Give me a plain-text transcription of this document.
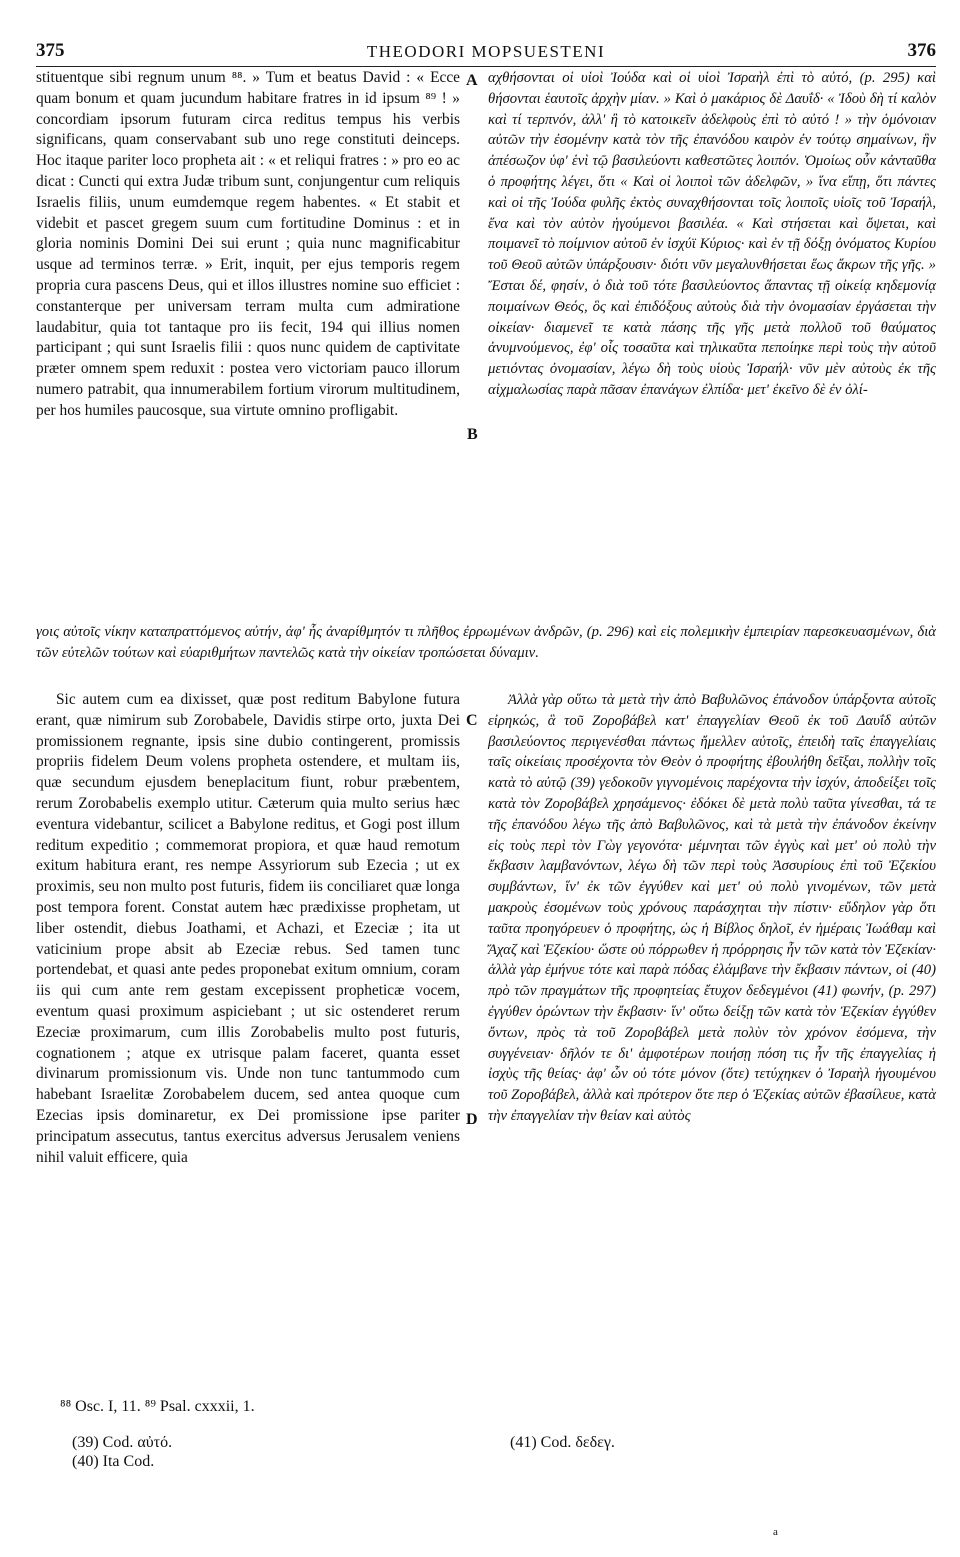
375	THEODORI MOPSUESTENI	376

stituentque sibi regnum unum ⁸⁸. » Tum et beatus David : « Ecce quam bonum et quam jucundum habitare fratres in id ipsum ⁸⁹ ! » concordiam ipsorum futuram circa reditus tempus his verbis significans, quam conservabant sub uno rege constituti deinceps. Hoc itaque pariter loco propheta ait : « et reliqui fratres : » pro eo ac dicat : Cuncti qui extra Judæ tribum sunt, conjungentur cum reliquis Israelis filiis, unum eumdemque regem habentes. « Et stabit et videbit et pascet gregem suum cum fortitudine Dominus : et in gloria nominis Domini Dei sui erunt ; quia nunc magnificabitur usque ad terminos terræ. » Erit, inquit, per ejus temporis regem propria cura pascens Deus, qui et illos illustres nomine suo efficiet : constanterque per universam terram multa cum admiratione laudabitur, quia tot tantaque pro iis fecit, 194 qui illius nomen participant ; qui sunt Israelis filii : quos nunc quidem de captivitate præter omnem spem reduxit : postea vero victoriam pauco illorum numero patrabit, qua innumerabilem fortium virorum multitudinem, per hos humiles paucosque, sua virtute omnino profligabit.

A αχθήσονται οἱ υἱοὶ Ἰούδα καὶ οἱ υἱοὶ Ἰσραὴλ ἐπὶ τὸ αὐτό, (p. 295) καὶ θήσονται ἑαυτοῖς ἀρχὴν μίαν. » Καὶ ὁ μακάριος δὲ Δαυΐδ· « Ἰδοὺ δὴ τί καλὸν καὶ τί τερπνόν, ἀλλ' ἢ τὸ κατοικεῖν ἀδελφοὺς ἐπὶ τὸ αὐτό ! » τὴν ὁμόνοιαν αὐτῶν τὴν ἐσομένην κατὰ τὸν τῆς ἐπανόδου καιρὸν ἐν τούτῳ σημαίνων, ἣν ἀπέσωζον ὑφ' ἑνὶ τῷ βασιλεύοντι καθεστῶτες λοιπόν. Ὁμοίως οὖν κἀνταῦθα ὁ προφήτης λέγει, ὅτι « Καὶ οἱ λοιποὶ τῶν ἀδελφῶν, » ἵνα εἴπῃ, ὅτι πάντες καὶ οἱ τῆς Ἰούδα φυλῆς ἐκτὸς συναχθήσονται τοῖς λοιποῖς υἱοῖς τοῦ Ἰσραήλ, ἕνα καὶ τὸν αὐτὸν ἡγούμενοι βασιλέα. « Καὶ στήσεται καὶ ὄψεται, καὶ ποιμανεῖ τὸ ποίμνιον αὐτοῦ ἐν ἰσχύϊ Κύριος· καὶ ἐν τῇ δόξῃ ὀνόματος Κυρίου τοῦ Θεοῦ αὐτῶν ὑπάρξουσιν· διότι νῦν μεγαλυνθήσεται ἕως ἄκρων τῆς γῆς. » Ἔσται δέ, φησίν, ὁ διὰ τοῦ τότε βασιλεύοντος ἅπαντας τῇ οἰκείᾳ κηδεμονίᾳ ποιμαίνων Θεός, ὃς καὶ ἐπιδόξους αὐτοὺς διὰ τὴν ὀνομασίαν ἐργάσεται τὴν οἰκείαν· διαμενεῖ τε κατὰ πάσης τῆς γῆς μετὰ πολλοῦ τοῦ θαύματος ἀνυμνούμενος, ἐφ' οἷς τοσαῦτα καὶ τηλικαῦτα πεποίηκε περὶ τοὺς τὴν αὐτοῦ μετιόντας ὀνομασίαν, λέγω δὴ τοὺς υἱοὺς Ἰσραήλ· νῦν μὲν αὐτοὺς ἐκ τῆς αἰχμαλωσίας παρὰ πᾶσαν ἐπανάγων ἐλπίδα· μετ' ἐκεῖνο δὲ ἐν ὀλί-

B
γοις αὐτοῖς νίκην καταπραττόμενος αὐτήν, ἀφ' ἧς ἀναρίθμητόν τι πλῆθος ἐρρωμένων ἀνδρῶν, (p. 296) καὶ εἰς πολεμικὴν ἐμπειρίαν παρεσκευασμένων, διὰ τῶν εὐτελῶν τούτων καὶ εὐαριθμήτων παντελῶς κατὰ τὴν οἰκείαν τροπώσεται δύναμιν.

Sic autem cum ea dixisset, quæ post reditum Babylone futura erant, quæ nimirum sub Zorobabele, Davidis stirpe orto, juxta Dei promissionem regnante, ipsis sine dubio contingerent, promissis propriis fidelem Deum volens propheta ostendere, et multam iis, quæ secundum ejusdem beneplacitum fiunt, robur præbentem, rerum Zorobabelis exemplo utitur. Cæterum quia multo serius hæc eventura videbantur, scilicet a Babylone reditus, et Gogi post illum reditum expeditio ; commemorat propiora, et quæ haud remotum exitum habitura erant, res nempe Assyriorum sub Ezecia ; ut ex proximis, seu non multo post futuris, fidem iis conciliaret quæ longa post tempora forent. Constat autem hæc prædixisse prophetam, ut liber ostendit, diebus Joathami, et Achazi, et Ezeciæ ; ita ut vaticinium prope absit ab Ezeciæ rebus. Sed tamen tunc portendebat, et quasi ante pedes proponebat exitum omnium, coram iis qui cum ante rem gestam excepissent propheticæ vocem, eventum quasi proximum aspiciebant ; ut sic ostenderet rerum Ezeciæ proximarum, cum illis Zorobabelis multo post futuris, cognationem ; atque ex utrisque palam faceret, quanta esset divinarum promissionum vis. Unde non tunc tantummodo cum habebant Israelitæ Zorobabelem ducem, sed antea quoque cum Ezecias ipsis dominaretur, ex Dei promissione ipse pariter principatum assecutus, tantus exercitus adversus Jerusalem veniens nihil valuit efficere, quia

C

Ἀλλὰ γὰρ οὕτω τὰ μετὰ τὴν ἀπὸ Βαβυλῶνος ἐπάνοδον ὑπάρξοντα αὐτοῖς εἰρηκώς, ἃ τοῦ Ζοροβάβελ κατ' ἐπαγγελίαν Θεοῦ ἐκ τοῦ Δαυΐδ αὐτῶν βασιλεύοντος περιγενέσθαι πάντως ἤμελλεν αὐτοῖς, ἐπειδὴ ταῖς ἐπαγγελίαις ταῖς οἰκείαις προσέχοντα τὸν Θεὸν ὁ προφήτης ἐβουλήθη δεῖξαι, πολλὴν τοῖς κατὰ τὸ αὐτῷ (39) γεδοκοῦν γιγνομένοις παρέχοντα τὴν ἰσχύν, ἀποδείξει τοῖς κατὰ τὸν Ζοροβάβελ χρησάμενος· ἐδόκει δὲ μετὰ πολὺ ταῦτα γίνεσθαι, τά τε τῆς ἐπανόδου λέγω τῆς ἀπὸ Βαβυλῶνος, καὶ τὰ μετὰ τὴν ἐπάνοδον ἐκείνην εἰς τοὺς περὶ τὸν Γὼγ γεγονότα· μέμνηται τῶν ἐγγὺς καὶ μετ' οὐ πολὺ τὴν ἔκβασιν λαμβανόντων, λέγω δὴ τῶν περὶ τοὺς Ἀσσυρίους ἐπὶ τοῦ Ἐζεκίου συμβάντων, ἵν' ἐκ τῶν ἐγγύθεν καὶ μετ' οὐ πολὺ γινομένων, τῶν μετὰ μακροὺς ἐσομένων τοὺς χρόνους παράσχηται τὴν πίστιν· εὔδηλον γὰρ ὅτι ταῦτα προηγόρευεν ὁ προφήτης, ὡς ἡ Βίβλος δηλοῖ, ἐν ἡμέραις Ἰωάθαμ καὶ Ἄχαζ καὶ Ἐζεκίου· ὥστε οὐ πόρρωθεν ἡ πρόρρησις ἦν τῶν κατὰ τὸν Ἐζεκίαν· ἀλλὰ γὰρ ἐμήνυε τότε καὶ παρὰ πόδας ἐλάμβανε τὴν ἔκβασιν πάντων, οἱ (40) πρὸ τῶν πραγμάτων τῆς προφητείας ἔτυχον δεδεγμένοι (41) φωνήν, (p. 297) ἐγγύθεν ὁρώντων τὴν ἔκβασιν· ἵν' οὕτω δείξῃ τῶν κατὰ τὸν Ἐζεκίαν ἐγγύθεν ὄντων, πρὸς τὰ τοῦ Ζοροβάβελ μετὰ πολὺν τὸν χρόνον ἐσόμενα, τὴν συγγένειαν· δῆλόν τε δι' ἀμφοτέρων ποιήσῃ πόση τις ἦν τῆς ἐπαγγελίας ἡ ἰσχὺς τῆς θείας· ἀφ' ὧν οὐ τότε μόνον (ὅτε) τετύχηκεν ὁ Ἰσραὴλ ἡγουμένου τοῦ Ζοροβάβελ, ἀλλὰ καὶ πρότερον ὅτε περ ὁ Ἐζεκίας αὐτῶν ἐβασίλευε, κατὰ τὴν ἐπαγγελίαν τὴν θείαν καὶ αὐτὸς

D
⁸⁸ Osc. I, 11. ⁸⁹ Psal. cxxxii, 1.
(39) Cod. αὐτό.
(40) Ita Cod.
(41) Cod. δεδεγ.
a
